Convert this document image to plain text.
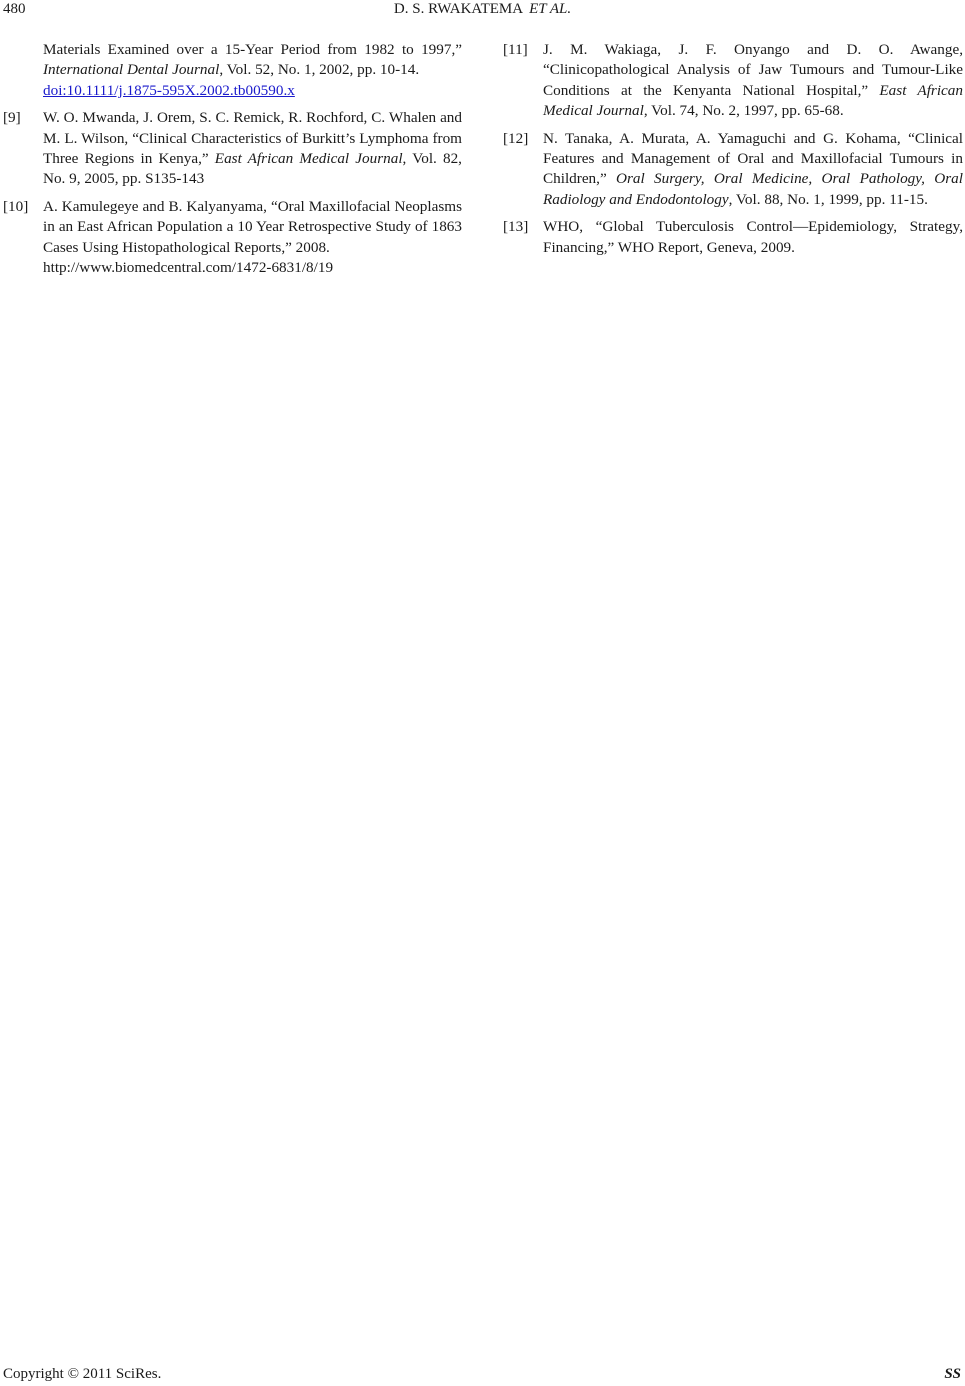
480	D. S. RWAKATEMA ET AL.
Materials Examined over a 15-Year Period from 1982 to 1997,” International Dental Journal, Vol. 52, No. 1, 2002, pp. 10-14.
doi:10.1111/j.1875-595X.2002.tb00590.x
[9]	W. O. Mwanda, J. Orem, S. C. Remick, R. Rochford, C. Whalen and M. L. Wilson, “Clinical Characteristics of Burkitt’s Lymphoma from Three Regions in Kenya,” East African Medical Journal, Vol. 82, No. 9, 2005, pp. S135-143
[10] A. Kamulegeye and B. Kalyanyama, “Oral Maxillofacial Neoplasms in an East African Population a 10 Year Retrospective Study of 1863 Cases Using Histopathological Reports,” 2008.
http://www.biomedcentral.com/1472-6831/8/19
[11]	J. M. Wakiaga, J. F. Onyango and D. O. Awange, “Clinicopathological Analysis of Jaw Tumours and Tumour-Like Conditions at the Kenyanta National Hospital,” East African Medical Journal, Vol. 74, No. 2, 1997, pp. 65-68.
[12] N. Tanaka, A. Murata, A. Yamaguchi and G. Kohama, “Clinical Features and Management of Oral and Maxillofacial Tumours in Children,” Oral Surgery, Oral Medicine, Oral Pathology, Oral Radiology and Endodontology, Vol. 88, No. 1, 1999, pp. 11-15.
[13] WHO, “Global Tuberculosis Control—Epidemiology, Strategy, Financing,” WHO Report, Geneva, 2009.
Copyright © 2011 SciRes.	SS
